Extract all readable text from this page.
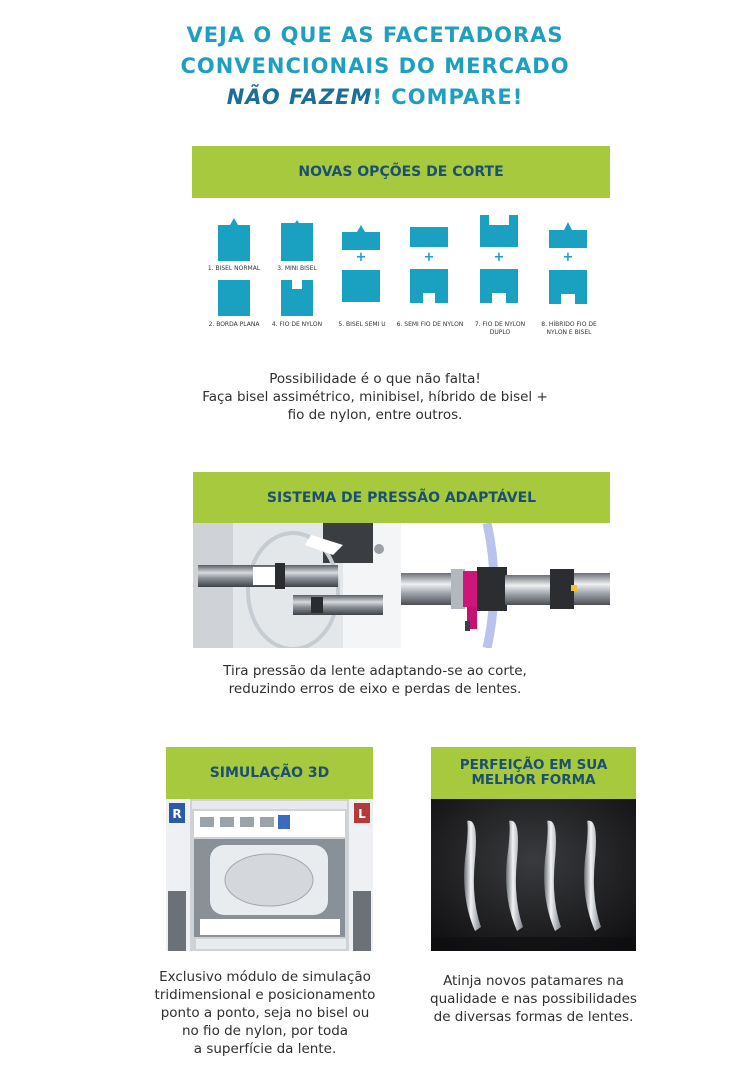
VEJA O QUE AS FACETADORAS
CONVENCIONAIS DO MERCADO
NÃO FAZEM! COMPARE!
NOVAS OPÇÕES DE CORTE
1. BISEL NORMAL	3. MINI BISEL
2. BORDA PLANA	4. FIO DE NYLON
+
5. BISEL SEMI U
+
6. SEMI FIO DE NYLON
+
7. FIO DE NYLON DUPLO
+
8. HÍBRIDO FIO DE NYLON E BISEL
Possibilidade é o que não falta!
Faça bisel assimétrico, minibisel, híbrido de bisel +
fio de nylon, entre outros.
SISTEMA DE PRESSÃO ADAPTÁVEL
Tira pressão da lente adaptando-se ao corte,
reduzindo erros de eixo e perdas de lentes.
SIMULAÇÃO 3D
R	L
Exclusivo módulo de simulação
tridimensional e posicionamento
ponto a ponto, seja no bisel ou
no fio de nylon, por toda
a superfície da lente.
PERFEIÇÃO EM SUA
MELHOR FORMA
Atinja novos patamares na
qualidade e nas possibilidades
de diversas formas de lentes.
